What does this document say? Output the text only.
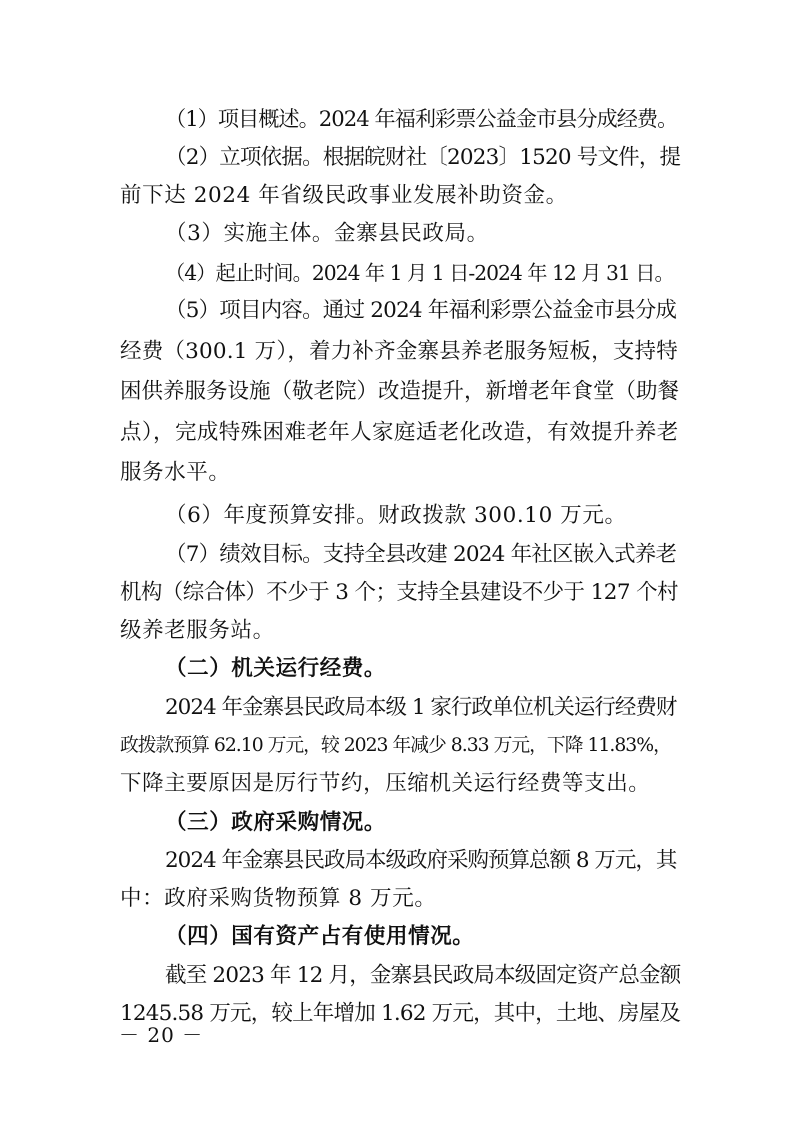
（1）项目概述。2024 年福利彩票公益金市县分成经费。
（2）立项依据。根据皖财社〔2023〕1520 号文件，提
前下达 2024 年省级民政事业发展补助资金。
（3）实施主体。金寨县民政局。
（4）起止时间。2024 年 1 月 1 日-2024 年 12 月 31 日。
（5）项目内容。通过 2024 年福利彩票公益金市县分成
经费（300.1 万），着力补齐金寨县养老服务短板，支持特
困供养服务设施（敬老院）改造提升，新增老年食堂（助餐
点），完成特殊困难老年人家庭适老化改造，有效提升养老
服务水平。
（6）年度预算安排。财政拨款 300.10 万元。
（7）绩效目标。支持全县改建 2024 年社区嵌入式养老
机构（综合体）不少于 3 个；支持全县建设不少于 127 个村
级养老服务站。
（二）机关运行经费。
2024 年金寨县民政局本级 1 家行政单位机关运行经费财
政拨款预算 62.10 万元，较 2023 年减少 8.33 万元，下降 11.83%，
下降主要原因是厉行节约，压缩机关运行经费等支出。
（三）政府采购情况。
2024 年金寨县民政局本级政府采购预算总额 8 万元，其
中：政府采购货物预算 8 万元。
（四）国有资产占有使用情况。
截至 2023 年 12 月，金寨县民政局本级固定资产总金额
1245.58 万元，较上年增加 1.62 万元，其中，土地、房屋及
－ 20 －
